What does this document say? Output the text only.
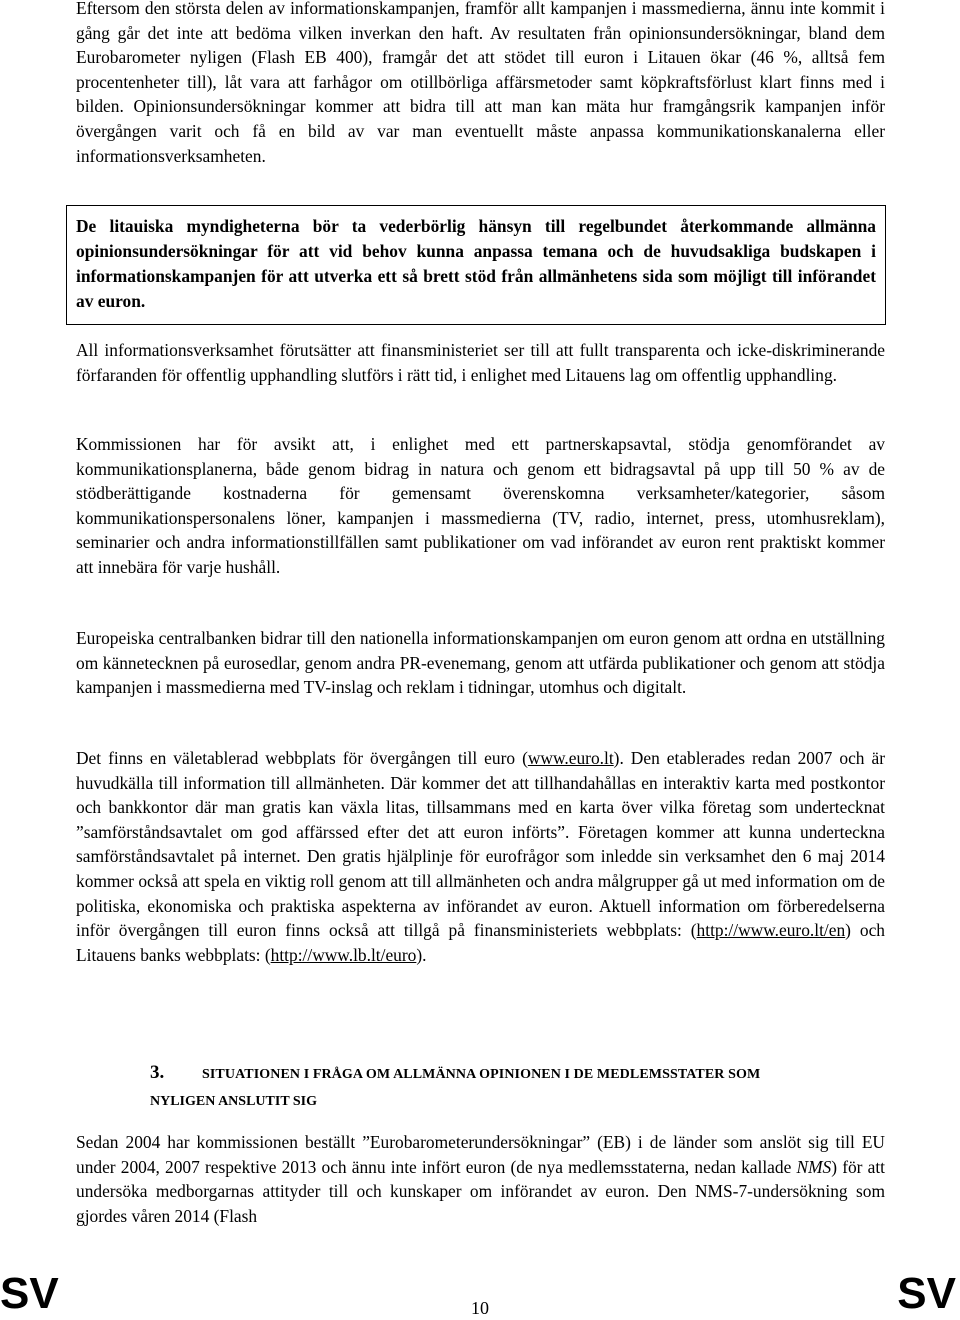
Eftersom den största delen av informationskampanjen, framför allt kampanjen i massmedierna, ännu inte kommit i gång går det inte att bedöma vilken inverkan den haft. Av resultaten från opinionsundersökningar, bland dem Eurobarometer nyligen (Flash EB 400), framgår det att stödet till euron i Litauen ökar (46 %, alltså fem procentenheter till), låt vara att farhågor om otillbörliga affärsmetoder samt köpkraftsförlust klart finns med i bilden. Opinionsundersökningar kommer att bidra till att man kan mäta hur framgångsrik kampanjen inför övergången varit och få en bild av var man eventuellt måste anpassa kommunikationskanalerna eller informationsverksamheten.

De litauiska myndigheterna bör ta vederbörlig hänsyn till regelbundet återkommande allmänna opinionsundersökningar för att vid behov kunna anpassa temana och de huvudsakliga budskapen i informationskampanjen för att utverka ett så brett stöd från allmänhetens sida som möjligt till införandet av euron.

All informationsverksamhet förutsätter att finansministeriet ser till att fullt transparenta och icke-diskriminerande förfaranden för offentlig upphandling slutförs i rätt tid, i enlighet med Litauens lag om offentlig upphandling.

Kommissionen har för avsikt att, i enlighet med ett partnerskapsavtal, stödja genomförandet av kommunikationsplanerna, både genom bidrag in natura och genom ett bidragsavtal på upp till 50 % av de stödberättigande kostnaderna för gemensamt överenskomna verksamheter/kategorier, såsom kommunikationspersonalens löner, kampanjen i massmedierna (TV, radio, internet, press, utomhusreklam), seminarier och andra informationstillfällen samt publikationer om vad införandet av euron rent praktiskt kommer att innebära för varje hushåll.

Europeiska centralbanken bidrar till den nationella informationskampanjen om euron genom att ordna en utställning om kännetecknen på eurosedlar, genom andra PR-evenemang, genom att utfärda publikationer och genom att stödja kampanjen i massmedierna med TV-inslag och reklam i tidningar, utomhus och digitalt.

Det finns en väletablerad webbplats för övergången till euro (www.euro.lt). Den etablerades redan 2007 och är huvudkälla till information till allmänheten. Där kommer det att tillhandahållas en interaktiv karta med postkontor och bankkontor där man gratis kan växla litas, tillsammans med en karta över vilka företag som undertecknat ”samförståndsavtalet om god affärssed efter det att euron införts”. Företagen kommer att kunna underteckna samförståndsavtalet på internet. Den gratis hjälplinje för eurofrågor som inledde sin verksamhet den 6 maj 2014 kommer också att spela en viktig roll genom att till allmänheten och andra målgrupper gå ut med information om de politiska, ekonomiska och praktiska aspekterna av införandet av euron. Aktuell information om förberedelserna inför övergången till euron finns också att tillgå på finansministeriets webbplats: (http://www.euro.lt/en) och Litauens banks webbplats: (http://www.lb.lt/euro).

3.	SITUATIONEN I FRÅGA OM ALLMÄNNA OPINIONEN I DE MEDLEMSSTATER SOM
NYLIGEN ANSLUTIT SIG

Sedan 2004 har kommissionen beställt ”Eurobarometerundersökningar” (EB) i de länder som anslöt sig till EU under 2004, 2007 respektive 2013 och ännu inte infört euron (de nya medlemsstaterna, nedan kallade NMS) för att undersöka medborgarnas attityder till och kunskaper om införandet av euron. Den NMS-7-undersökning som gjordes våren 2014 (Flash

SV	SV
10
